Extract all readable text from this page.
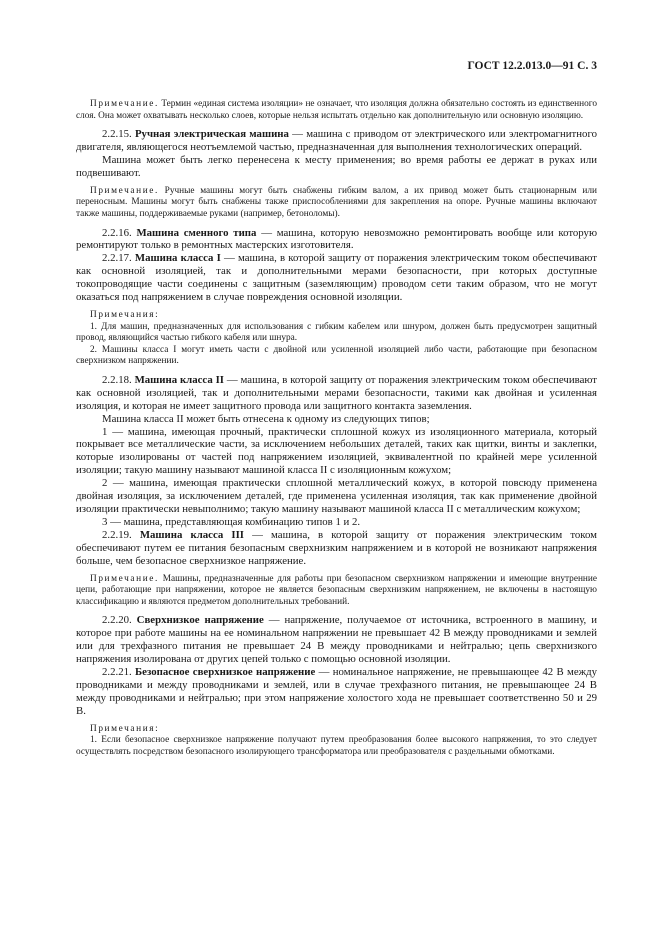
ГОСТ 12.2.013.0—91 С. 3

Примечание. Термин «единая система изоляции» не означает, что изоляция должна обязательно состоять из единственного слоя. Она может охватывать несколько слоев, которые нельзя испытать отдельно как дополнительную или основную изоляцию.

2.2.15. Ручная электрическая машина — машина с приводом от электрического или электромагнитного двигателя, являющегося неотъемлемой частью, предназначенная для выполнения технологических операций.

Машина может быть легко перенесена к месту применения; во время работы ее держат в руках или подвешивают.

Примечание. Ручные машины могут быть снабжены гибким валом, а их привод может быть стационарным или переносным. Машины могут быть снабжены также приспособлениями для закрепления на опоре. Ручные машины включают также машины, поддерживаемые руками (например, бетоноломы).

2.2.16. Машина сменного типа — машина, которую невозможно ремонтировать вообще или которую ремонтируют только в ремонтных мастерских изготовителя.

2.2.17. Машина класса I — машина, в которой защиту от поражения электрическим током обеспечивают как основной изоляцией, так и дополнительными мерами безопасности, при которых доступные токопроводящие части соединены с защитным (заземляющим) проводом сети таким образом, что не могут оказаться под напряжением в случае повреждения основной изоляции.

Примечания:

1. Для машин, предназначенных для использования с гибким кабелем или шнуром, должен быть предусмотрен защитный провод, являющийся частью гибкого кабеля или шнура.

2. Машины класса I могут иметь части с двойной или усиленной изоляцией либо части, работающие при безопасном сверхнизком напряжении.

2.2.18. Машина класса II — машина, в которой защиту от поражения электрическим током обеспечивают как основной изоляцией, так и дополнительными мерами безопасности, такими как двойная и усиленная изоляция, и которая не имеет защитного провода или защитного контакта заземления.

Машина класса II может быть отнесена к одному из следующих типов;

1 — машина, имеющая прочный, практически сплошной кожух из изоляционного материала, который покрывает все металлические части, за исключением небольших деталей, таких как щитки, винты и заклепки, которые изолированы от частей под напряжением изоляцией, эквивалентной по крайней мере усиленной изоляции; такую машину называют машиной класса II с изоляционным кожухом;

2 — машина, имеющая практически сплошной металлический кожух, в которой повсюду применена двойная изоляция, за исключением деталей, где применена усиленная изоляция, так как применение двойной изоляции практически невыполнимо; такую машину называют машиной класса II с металлическим кожухом;

3 — машина, представляющая комбинацию типов 1 и 2.

2.2.19. Машина класса III — машина, в которой защиту от поражения электрическим током обеспечивают путем ее питания безопасным сверхнизким напряжением и в которой не возникают напряжения больше, чем безопасное сверхнизкое напряжение.

Примечание. Машины, предназначенные для работы при безопасном сверхнизком напряжении и имеющие внутренние цепи, работающие при напряжении, которое не является безопасным сверхнизким напряжением, не включены в настоящую классификацию и являются предметом дополнительных требований.

2.2.20. Сверхнизкое напряжение — напряжение, получаемое от источника, встроенного в машину, и которое при работе машины на ее номинальном напряжении не превышает 42 В между проводниками и землей или для трехфазного питания не превышает 24 В между проводниками и нейтралью; цепь сверхнизкого напряжения изолирована от других цепей только с помощью основной изоляции.

2.2.21. Безопасное сверхнизкое напряжение — номинальное напряжение, не превышающее 42 В между проводниками и между проводниками и землей, или в случае трехфазного питания, не превышающее 24 В между проводниками и нейтралью; при этом напряжение холостого хода не превышает соответственно 50 и 29 В.

Примечания:

1. Если безопасное сверхнизкое напряжение получают путем преобразования более высокого напряжения, то это следует осуществлять посредством безопасного изолирующего трансформатора или преобразователя с раздельными обмотками.
